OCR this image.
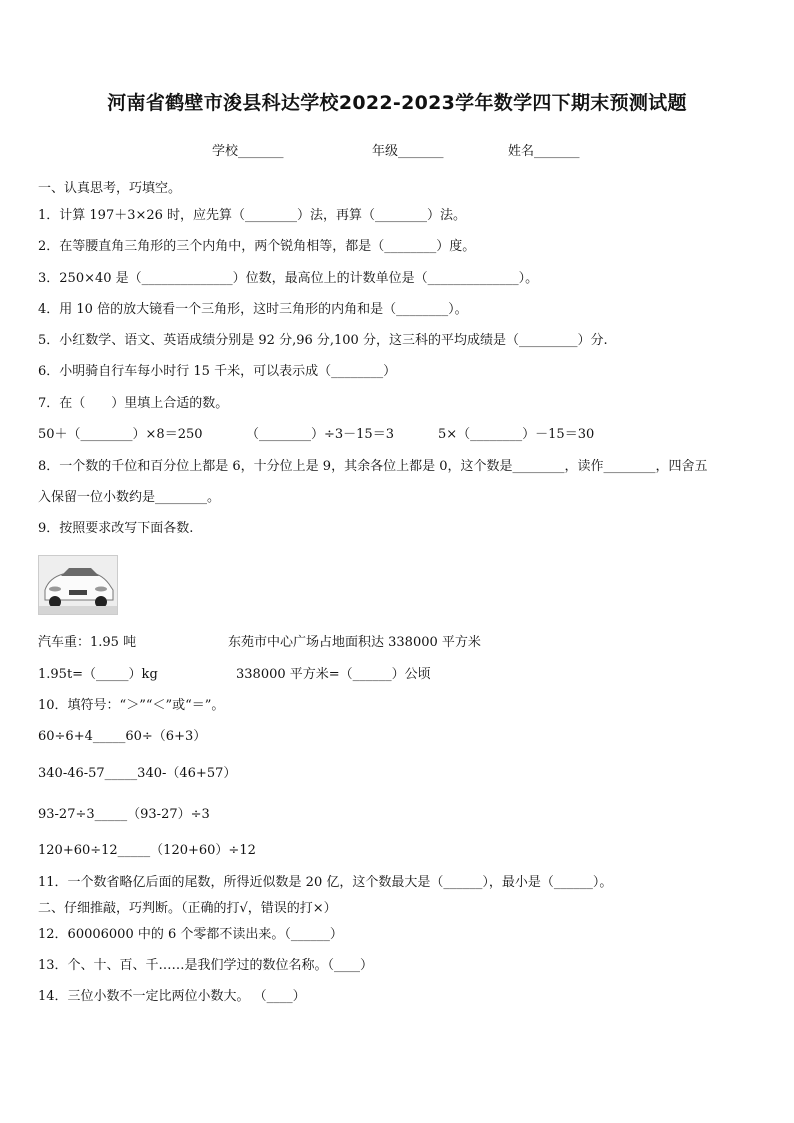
河南省鹤壁市浚县科达学校2022-2023学年数学四下期末预测试题
学校_______	年级_______	姓名_______
一、认真思考，巧填空。
1．计算 197＋3×26 时，应先算（________）法，再算（________）法。
2．在等腰直角三角形的三个内角中，两个锐角相等，都是（________）度。
3．250×40 是（______________）位数，最高位上的计数单位是（______________）。
4．用 10 倍的放大镜看一个三角形，这时三角形的内角和是（________）。
5．小红数学、语文、英语成绩分别是 92 分,96 分,100 分，这三科的平均成绩是（_________）分.
6．小明骑自行车每小时行 15 千米，可以表示成（________）
7．在（　　）里填上合适的数。
50＋（________）×8＝250	（________）÷3－15＝3	5×（________）－15＝30
8．一个数的千位和百分位上都是 6，十分位上是 9，其余各位上都是 0，这个数是________，读作________，四舍五
入保留一位小数约是________。
9．按照要求改写下面各数.
汽车重：1.95 吨	东苑市中心广场占地面积达 338000 平方米
1.95t=（_____）kg	338000 平方米=（______）公顷
10．填符号：“＞”“＜”或“＝”。
60÷6+4_____60÷（6+3）
340-46-57_____340-（46+57）
93-27÷3_____（93-27）÷3
120+60÷12_____（120+60）÷12
11．一个数省略亿后面的尾数，所得近似数是 20 亿，这个数最大是（______），最小是（______）。
二、仔细推敲，巧判断。（正确的打√，错误的打×）
12．60006000 中的 6 个零都不读出来。（______）
13．个、十、百、千……是我们学过的数位名称。（____）
14．三位小数不一定比两位小数大。 （____）
